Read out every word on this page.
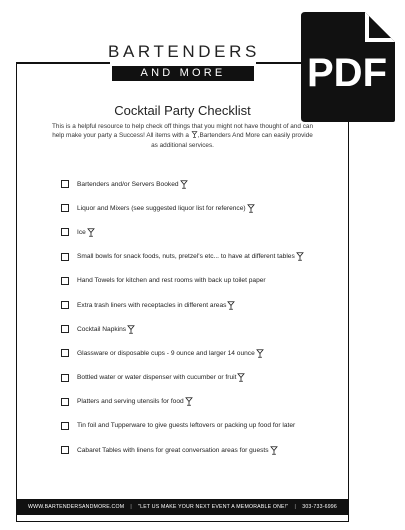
BARTENDERS
AND MORE	PDF
Cocktail Party Checklist

This is a helpful resource to help check off things that you might not have thought of and can help make your party a Success! All items with a ,Bartenders And More can easily provide as additional services.

Bartenders and/or Servers Booked
Liquor and Mixers (see suggested liquor list for reference)
Ice
Small bowls for snack foods, nuts, pretzel's etc... to have at different tables
Hand Towels for kitchen and rest rooms with back up toilet paper
Extra trash liners with receptacles in different areas
Cocktail Napkins
Glassware or disposable cups - 9 ounce and larger 14 ounce
Bottled water or water dispenser with cucumber or fruit
Platters and serving utensils for food
Tin foil and Tupperware to give guests leftovers or packing up food for later
Cabaret Tables with linens for great conversation areas for guests
WWW.BARTENDERSANDMORE.COM | "LET US MAKE YOUR NEXT EVENT A MEMORABLE ONE!" | 303-733-6996
